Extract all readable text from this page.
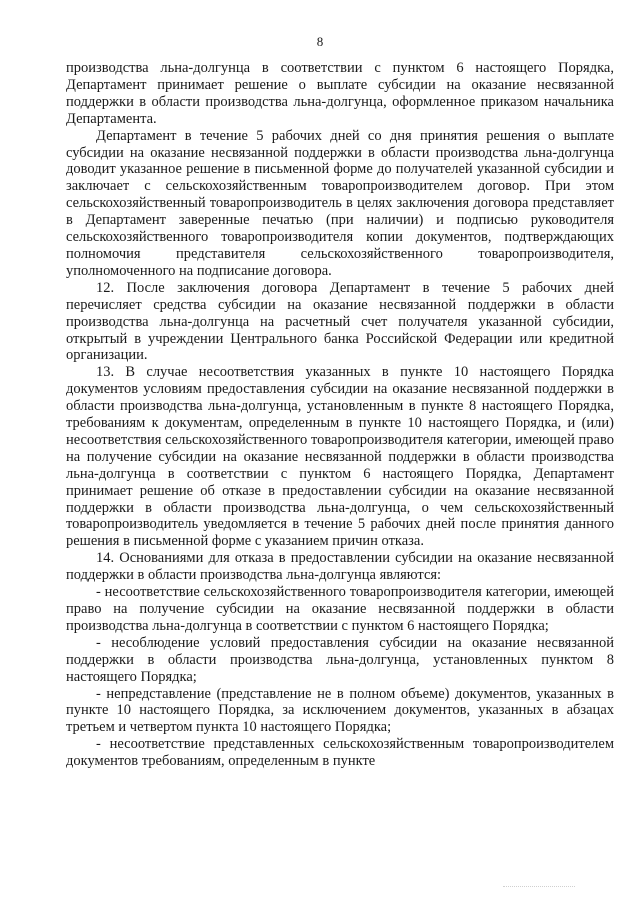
8

производства льна-долгунца в соответствии с пунктом 6 настоящего Порядка, Департамент принимает решение о выплате субсидии на оказание несвязанной поддержки в области производства льна-долгунца, оформленное приказом начальника Департамента.

Департамент в течение 5 рабочих дней со дня принятия решения о выплате субсидии на оказание несвязанной поддержки в области производства льна-долгунца доводит указанное решение в письменной форме до получателей указанной субсидии и заключает с сельскохозяйственным товаропроизводителем договор. При этом сельскохозяйственный товаропроизводитель в целях заключения договора представляет в Департамент заверенные печатью (при наличии) и подписью руководителя сельскохозяйственного товаропроизводителя копии документов, подтверждающих полномочия представителя сельскохозяйственного товаропроизводителя, уполномоченного на подписание договора.

12. После заключения договора Департамент в течение 5 рабочих дней перечисляет средства субсидии на оказание несвязанной поддержки в области производства льна-долгунца на расчетный счет получателя указанной субсидии, открытый в учреждении Центрального банка Российской Федерации или кредитной организации.

13. В случае несоответствия указанных в пункте 10 настоящего Порядка документов условиям предоставления субсидии на оказание несвязанной поддержки в области производства льна-долгунца, установленным в пункте 8 настоящего Порядка, требованиям к документам, определенным в пункте 10 настоящего Порядка, и (или) несоответствия сельскохозяйственного товаропроизводителя категории, имеющей право на получение субсидии на оказание несвязанной поддержки в области производства льна-долгунца в соответствии с пунктом 6 настоящего Порядка, Департамент принимает решение об отказе в предоставлении субсидии на оказание несвязанной поддержки в области производства льна-долгунца, о чем сельскохозяйственный товаропроизводитель уведомляется в течение 5 рабочих дней после принятия данного решения в письменной форме с указанием причин отказа.

14. Основаниями для отказа в предоставлении субсидии на оказание несвязанной поддержки в области производства льна-долгунца являются:

- несоответствие сельскохозяйственного товаропроизводителя категории, имеющей право на получение субсидии на оказание несвязанной поддержки в области производства льна-долгунца в соответствии с пунктом 6 настоящего Порядка;

- несоблюдение условий предоставления субсидии на оказание несвязанной поддержки в области производства льна-долгунца, установленных пунктом 8 настоящего Порядка;

- непредставление (представление не в полном объеме) документов, указанных в пункте 10 настоящего Порядка, за исключением документов, указанных в абзацах третьем и четвертом пункта 10 настоящего Порядка;

- несоответствие представленных сельскохозяйственным товаропроизводителем документов требованиям, определенным в пункте
